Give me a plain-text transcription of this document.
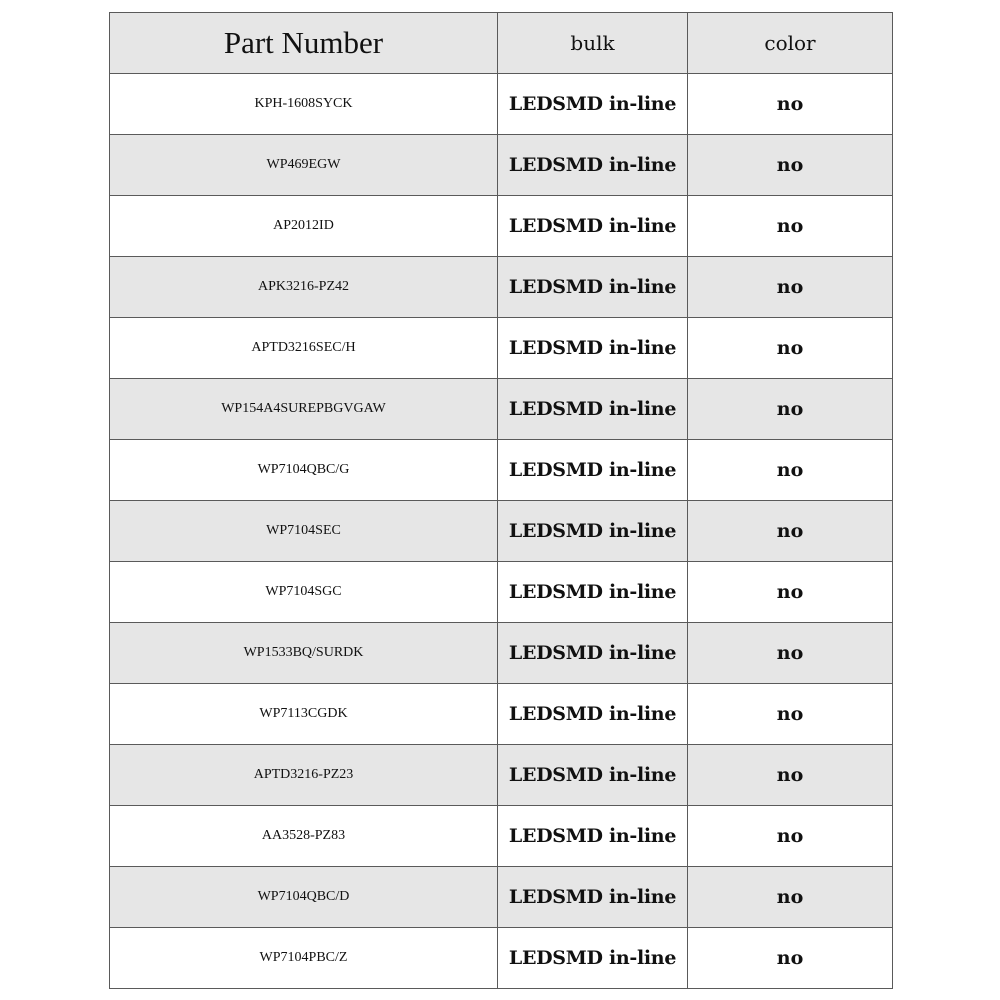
Part Number	bulk	color
KPH-1608SYCK	LEDSMD in-line	no
WP469EGW	LEDSMD in-line	no
AP2012ID	LEDSMD in-line	no
APK3216-PZ42	LEDSMD in-line	no
APTD3216SEC/H	LEDSMD in-line	no
WP154A4SUREPBGVGAW	LEDSMD in-line	no
WP7104QBC/G	LEDSMD in-line	no
WP7104SEC	LEDSMD in-line	no
WP7104SGC	LEDSMD in-line	no
WP1533BQ/SURDK	LEDSMD in-line	no
WP7113CGDK	LEDSMD in-line	no
APTD3216-PZ23	LEDSMD in-line	no
AA3528-PZ83	LEDSMD in-line	no
WP7104QBC/D	LEDSMD in-line	no
WP7104PBC/Z	LEDSMD in-line	no
